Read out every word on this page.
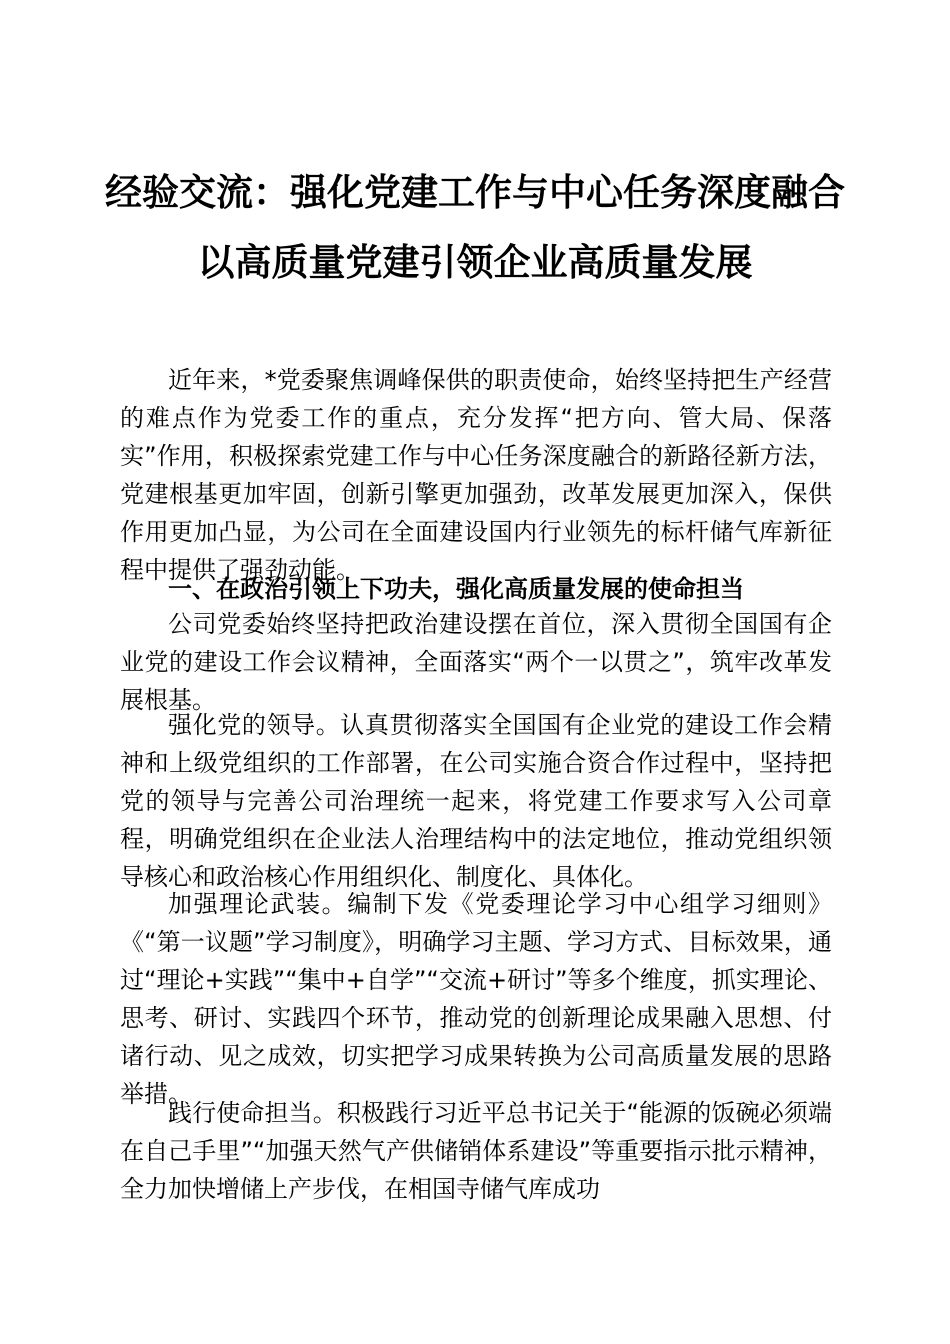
经验交流：强化党建工作与中心任务深度融合
以高质量党建引领企业高质量发展

近年来，*党委聚焦调峰保供的职责使命，始终坚持把生产经营的难点作为党委工作的重点，充分发挥“把方向、管大局、保落实”作用，积极探索党建工作与中心任务深度融合的新路径新方法，党建根基更加牢固，创新引擎更加强劲，改革发展更加深入，保供作用更加凸显，为公司在全面建设国内行业领先的标杆储气库新征程中提供了强劲动能。

一、在政治引领上下功夫，强化高质量发展的使命担当

公司党委始终坚持把政治建设摆在首位，深入贯彻全国国有企业党的建设工作会议精神，全面落实“两个一以贯之”，筑牢改革发展根基。

强化党的领导。认真贯彻落实全国国有企业党的建设工作会精神和上级党组织的工作部署，在公司实施合资合作过程中，坚持把党的领导与完善公司治理统一起来，将党建工作要求写入公司章程，明确党组织在企业法人治理结构中的法定地位，推动党组织领导核心和政治核心作用组织化、制度化、具体化。

加强理论武装。编制下发《党委理论学习中心组学习细则》《“第一议题”学习制度》，明确学习主题、学习方式、目标效果，通过“理论+实践”“集中+自学”“交流+研讨”等多个维度，抓实理论、思考、研讨、实践四个环节，推动党的创新理论成果融入思想、付诸行动、见之成效，切实把学习成果转换为公司高质量发展的思路举措。

践行使命担当。积极践行习近平总书记关于“能源的饭碗必须端在自己手里”“加强天然气产供储销体系建设”等重要指示批示精神，全力加快增储上产步伐，在相国寺储气库成功
